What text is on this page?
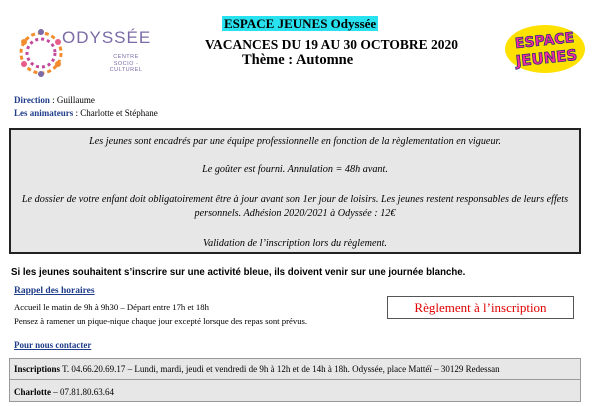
ODYSSÉE
CENTRE SOCIO - CULTUREL
ESPACE JEUNES Odyssée
VACANCES DU 19 AU 30 OCTOBRE 2020
Thème : Automne
ESPACE
JEUNES
Direction : Guillaume
Les animateurs : Charlotte et Stéphane

Les jeunes sont encadrés par une équipe professionnelle en fonction de la règlementation en vigueur.

Le goûter est fourni. Annulation = 48h avant.

Le dossier de votre enfant doit obligatoirement être à jour avant son 1er jour de loisirs. Les jeunes restent responsables de leurs effets personnels. Adhésion 2020/2021 à Odyssée : 12€

Validation de l’inscription lors du règlement.

Si les jeunes souhaitent s’inscrire sur une activité bleue, ils doivent venir sur une journée blanche.
Rappel des horaires
Accueil le matin de 9h à 9h30 – Départ entre 17h et 18h
Pensez à ramener un pique-nique chaque jour excepté lorsque des repas sont prévus.
Règlement à l’inscription
Pour nous contacter
Inscriptions T. 04.66.20.69.17 – Lundi, mardi, jeudi et vendredi de 9h à 12h et de 14h à 18h. Odyssée, place Mattéï – 30129 Redessan
Charlotte – 07.81.80.63.64
